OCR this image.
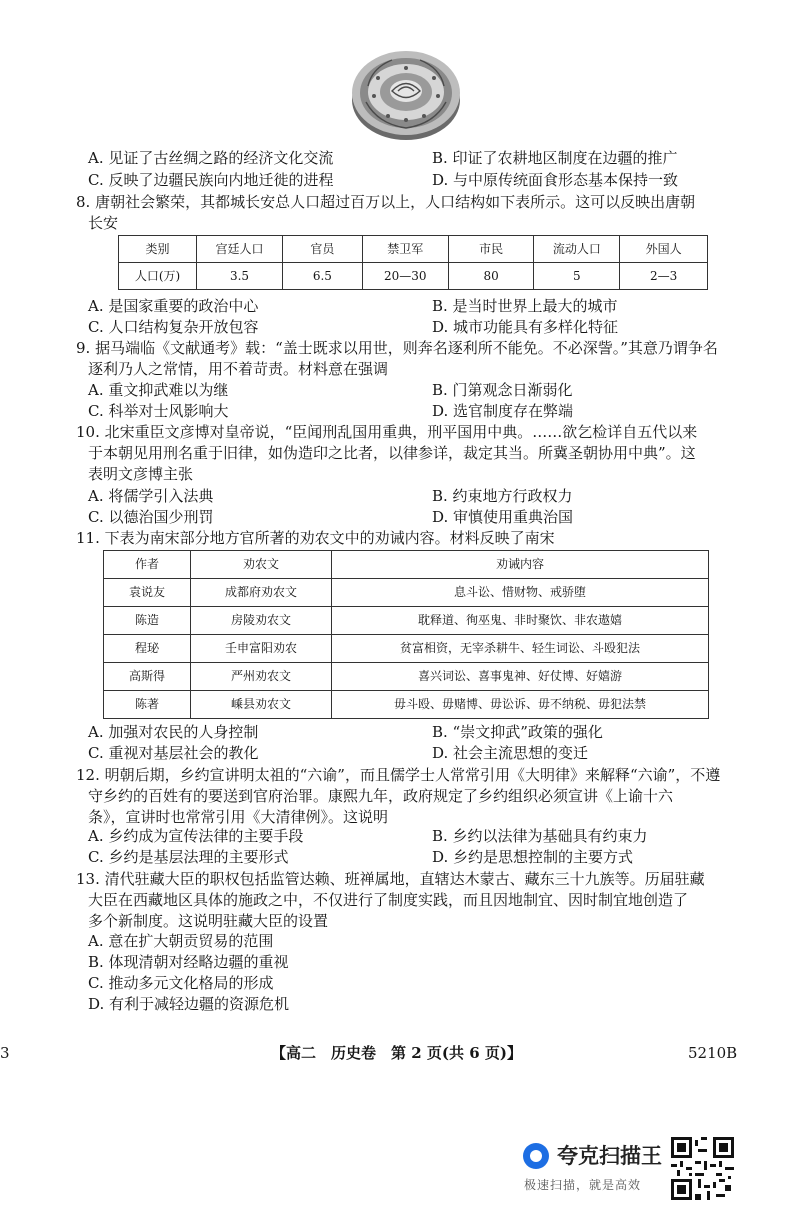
A. 见证了古丝绸之路的经济文化交流	B. 印证了农耕地区制度在边疆的推广
C. 反映了边疆民族向内地迁徙的进程	D. 与中原传统面食形态基本保持一致
8. 唐朝社会繁荣，其都城长安总人口超过百万以上，人口结构如下表所示。这可以反映出唐朝
长安
类别	宫廷人口	官员	禁卫军	市民	流动人口	外国人
人口(万)	3.5	6.5	20—30	80	5	2—3
A. 是国家重要的政治中心	B. 是当时世界上最大的城市
C. 人口结构复杂开放包容	D. 城市功能具有多样化特征
9. 据马端临《文献通考》载：“盖士既求以用世，则奔名逐利所不能免。不必深訾。”其意乃谓争名
逐利乃人之常情，用不着苛责。材料意在强调
A. 重文抑武难以为继	B. 门第观念日渐弱化
C. 科举对士风影响大	D. 选官制度存在弊端
10. 北宋重臣文彦博对皇帝说，“臣闻刑乱国用重典，刑平国用中典。……欲乞检详自五代以来
于本朝见用刑名重于旧律，如伪造印之比者，以律参详，裁定其当。所冀圣朝协用中典”。这
表明文彦博主张
A. 将儒学引入法典	B. 约束地方行政权力
C. 以德治国少刑罚	D. 审慎使用重典治国
11. 下表为南宋部分地方官所著的劝农文中的劝诫内容。材料反映了南宋
作者	劝农文	劝诫内容
袁说友	成都府劝农文	息斗讼、惜财物、戒骄堕
陈造	房陵劝农文	耽释道、徇巫鬼、非时聚饮、非农遨嬉
程珌	壬申富阳劝农	贫富相资，无宰杀耕牛、轻生词讼、斗殴犯法
高斯得	严州劝农文	喜兴词讼、喜事鬼神、好仗博、好嬉游
陈著	嵊县劝农文	毋斗殴、毋赌博、毋讼诉、毋不纳税、毋犯法禁
A. 加强对农民的人身控制	B. “崇文抑武”政策的强化
C. 重视对基层社会的教化	D. 社会主流思想的变迁
12. 明朝后期，乡约宣讲明太祖的“六谕”，而且儒学士人常常引用《大明律》来解释“六谕”，不遵
守乡约的百姓有的要送到官府治罪。康熙九年，政府规定了乡约组织必须宣讲《上谕十六
条》，宣讲时也常常引用《大清律例》。这说明
A. 乡约成为宣传法律的主要手段	B. 乡约以法律为基础具有约束力
C. 乡约是基层法理的主要形式	D. 乡约是思想控制的主要方式
13. 清代驻藏大臣的职权包括监管达赖、班禅属地，直辖达木蒙古、藏东三十九族等。历届驻藏
大臣在西藏地区具体的施政之中，不仅进行了制度实践，而且因地制宜、因时制宜地创造了
多个新制度。这说明驻藏大臣的设置
A. 意在扩大朝贡贸易的范围
B. 体现清朝对经略边疆的重视
C. 推动多元文化格局的形成
D. 有利于减轻边疆的资源危机
3	【高二　历史卷　第 2 页(共 6 页)】	5210B
夸克扫描王
极速扫描，就是高效
